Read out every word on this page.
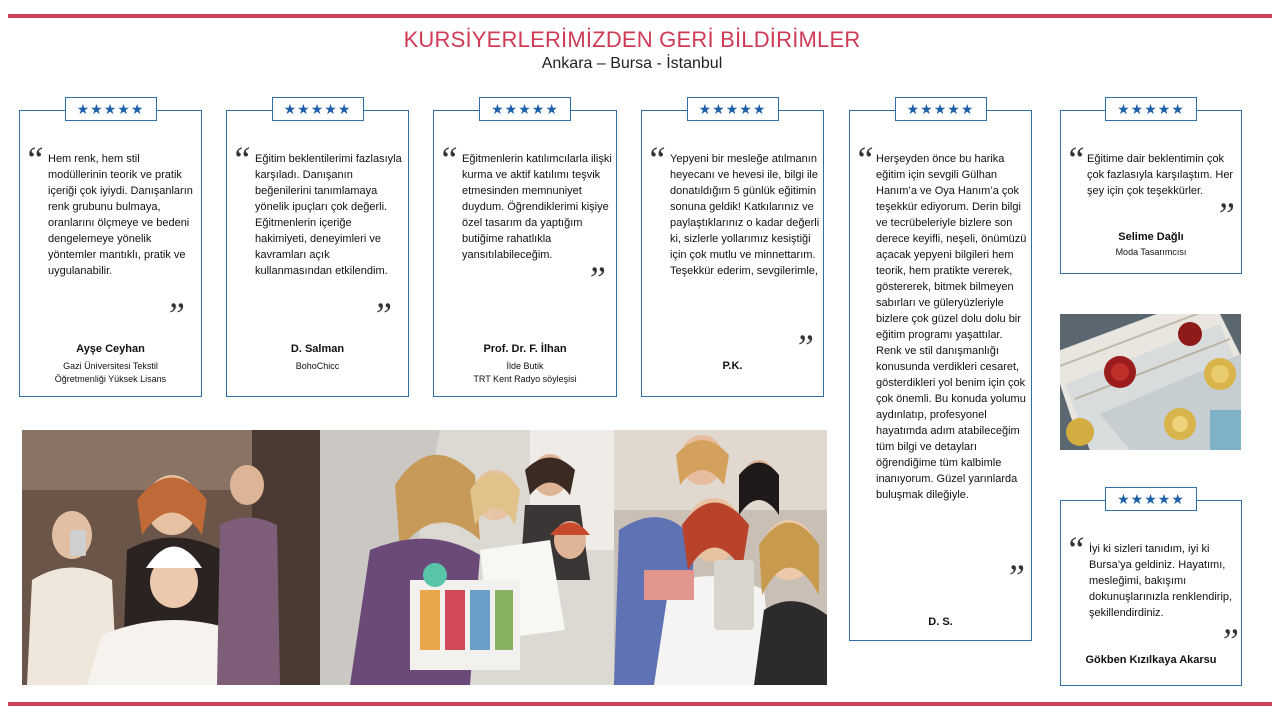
KURSİYERLERİMİZDEN GERİ BİLDİRİMLER
Ankara – Bursa - İstanbul
★★★★★
“ Hem renk, hem stil modüllerinin teorik ve pratik içeriği çok iyiydi. Danışanların renk grubunu bulmaya, oranlarını ölçmeye ve bedeni dengelemeye yönelik yöntemler mantıklı, pratik ve uygulanabilir.
”
Ayşe Ceyhan
Gazi Üniversitesi Tekstil
Öğretmenliği Yüksek Lisans
★★★★★
“ Eğitim beklentilerimi fazlasıyla karşıladı. Danışanın beğenilerini tanımlamaya yönelik ipuçları çok değerli. Eğitmenlerin içeriğe hakimiyeti, deneyimleri ve kavramları açık kullanmasından etkilendim.
”
D. Salman
BohoChicc
★★★★★
“ Eğitmenlerin katılımcılarla ilişki kurma ve aktif katılımı teşvik etmesinden memnuniyet duydum. Öğrendiklerimi kişiye özel tasarım da yaptığım butiğime rahatlıkla yansıtılabileceğim.
”
Prof. Dr. F. İlhan
İlde Butik
TRT Kent Radyo söyleşisi
★★★★★
“ Yepyeni bir mesleğe atılmanın heyecanı ve hevesi ile, bilgi ile donatıldığım 5 günlük eğitimin sonuna geldik! Katkılarınız ve paylaştıklarınız o kadar değerli ki, sizlerle yollarımız kesiştiği için çok mutlu ve minnettarım. Teşekkür ederim, sevgilerimle,
”
P.K.
★★★★★
“ Herşeyden önce bu harika eğitim için sevgili Gülhan Hanım’a ve Oya Hanım’a çok teşekkür ediyorum. Derin bilgi ve tecrübeleriyle bizlere son derece keyifli, neşeli, önümüzü açacak yepyeni bilgileri hem teorik, hem pratikte vererek, göstererek, bitmek bilmeyen sabırları ve güleryüzleriyle bizlere çok güzel dolu dolu bir eğitim programı yaşattılar. Renk ve stil danışmanlığı konusunda verdikleri cesaret, gösterdikleri yol benim için çok çok önemli. Bu konuda yolumu aydınlatıp, profesyonel hayatımda adım atabileceğim tüm bilgi ve detayları öğrendiğime tüm kalbimle inanıyorum. Güzel yarınlarda buluşmak dileğiyle.
”
D. S.
★★★★★
“ Eğitime dair beklentimin çok çok fazlasıyla karşılaştım. Her şey için çok teşekkürler.
”
Selime Dağlı
Moda Tasarımcısı
★★★★★
“ İyi ki sizleri tanıdım, iyi ki Bursa’ya geldiniz. Hayatımı, mesleğimi, bakışımı dokunuşlarınızla renklendirip, şekillendirdiniz.
”
Gökben Kızılkaya Akarsu
